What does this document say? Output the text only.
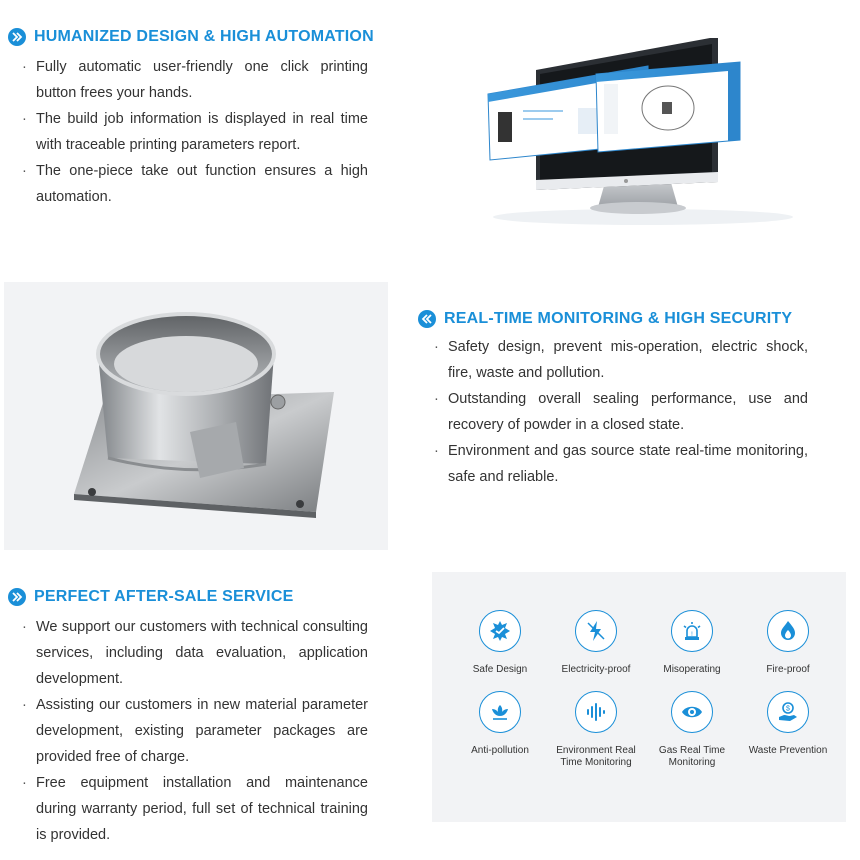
HUMANIZED DESIGN & HIGH AUTOMATION
· Fully automatic user-friendly one click printing button frees your hands.
· The build job information is displayed in real time with traceable printing parameters report.
· The one-piece take out function ensures a high automation.
REAL-TIME MONITORING & HIGH SECURITY
· Safety design, prevent mis-operation, electric shock, fire, waste and pollution.
· Outstanding overall sealing performance, use and recovery of powder in a closed state.
· Environment and gas source state real-time monitoring, safe and reliable.
PERFECT AFTER-SALE SERVICE
· We support our customers with technical consulting services, including data evaluation, application development.
· Assisting our customers in new material parameter development, existing parameter packages are provided free of charge.
· Free equipment installation and maintenance during warranty period, full set of technical training is provided.
Safe Design	Electricity-proof
!
Misoperating	Fire-proof
Anti-pollution	Environment Real Time Monitoring
Gas Real Time Monitoring
$
Waste Prevention
